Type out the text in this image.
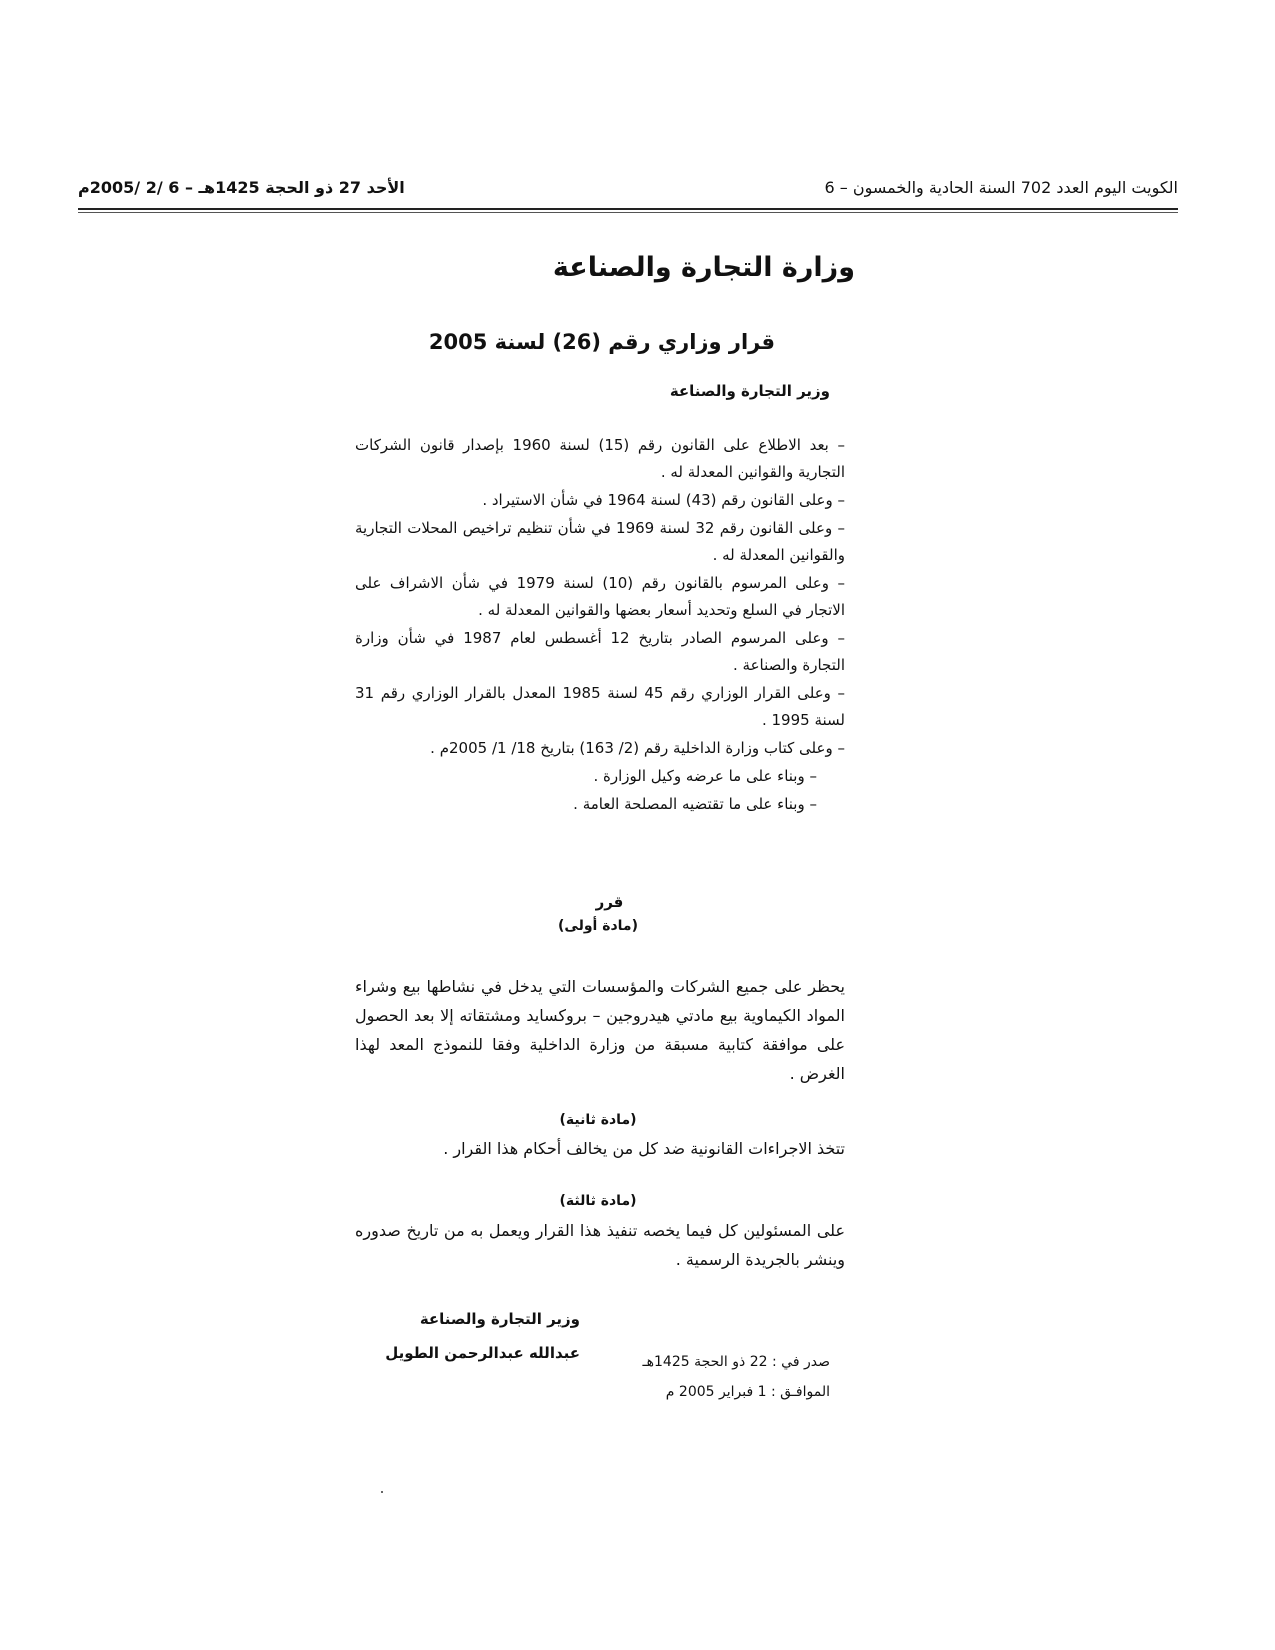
الكويت اليوم العدد 702 السنة الحادية والخمسون – 6
الأحد 27 ذو الحجة 1425هـ – 6 /2 /2005م
وزارة التجارة والصناعة
قرار وزاري رقم (26) لسنة 2005
وزير التجارة والصناعة

– بعد الاطلاع على القانون رقم (15) لسنة 1960 بإصدار قانون الشركات التجارية والقوانين المعدلة له .

– وعلى القانون رقم (43) لسنة 1964 في شأن الاستيراد .

– وعلى القانون رقم 32 لسنة 1969 في شأن تنظيم تراخيص المحلات التجارية والقوانين المعدلة له .

– وعلى المرسوم بالقانون رقم (10) لسنة 1979 في شأن الاشراف على الاتجار في السلع وتحديد أسعار بعضها والقوانين المعدلة له .

– وعلى المرسوم الصادر بتاريخ 12 أغسطس لعام 1987 في شأن وزارة التجارة والصناعة .

– وعلى القرار الوزاري رقم 45 لسنة 1985 المعدل بالقرار الوزاري رقم 31 لسنة 1995 .

– وعلى كتاب وزارة الداخلية رقم (2/ 163) بتاريخ 18/ 1/ 2005م .

– وبناء على ما عرضه وكيل الوزارة .

– وبناء على ما تقتضيه المصلحة العامة .

قرر
(مادة أولى)

يحظر على جميع الشركات والمؤسسات التي يدخل في نشاطها بيع وشراء المواد الكيماوية بيع مادتي هيدروجين – بروكسايد ومشتقاته إلا بعد الحصول على موافقة كتابية مسبقة من وزارة الداخلية وفقا للنموذج المعد لهذا الغرض .

(مادة ثانية)

تتخذ الاجراءات القانونية ضد كل من يخالف أحكام هذا القرار .

(مادة ثالثة)

على المسئولين كل فيما يخصه تنفيذ هذا القرار ويعمل به من تاريخ صدوره وينشر بالجريدة الرسمية .

وزير التجارة والصناعة
عبدالله عبدالرحمن الطويل	صدر في : 22 ذو الحجة 1425هـ
الموافـق : 1 فبراير 2005 م
